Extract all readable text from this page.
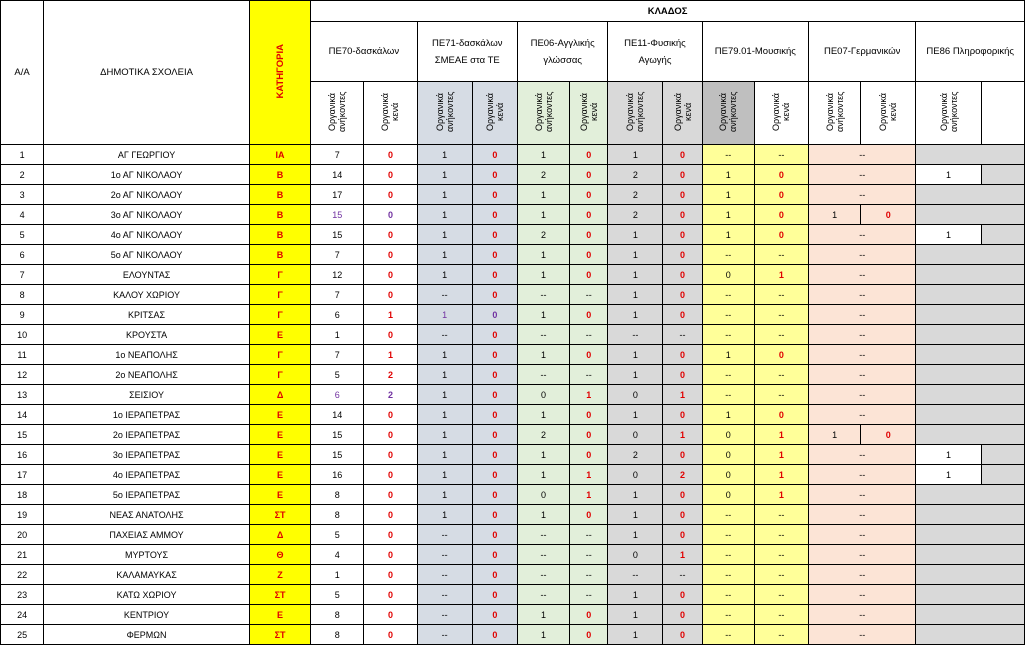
Α/Α	ΔΗΜΟΤΙΚΑ ΣΧΟΛΕΙΑ	ΚΑΤΗΓΟΡΙΑ	ΚΛΑΔΟΣ													
			ΠΕ70-δασκάλων		ΠΕ71-δασκάλων ΣΜΕΑΕ στα ΤΕ		ΠΕ06-Αγγλικής γλώσσας		ΠΕ11-Φυσικής Αγωγής		ΠΕ79.01-Μουσικής		ΠΕ07-Γερμανικών		ΠΕ86 Πληροφορικής	
			Οργανικά ανήκοντες	Οργανικά κενά	Οργανικά ανήκοντες	Οργανικά κενά	Οργανικά ανήκοντες	Οργανικά κενά	Οργανικά ανήκοντες	Οργανικά κενά	Οργανικά ανήκοντες	Οργανικά κενά	Οργανικά ανήκοντες	Οργανικά κενά	Οργανικά ανήκοντες	
1	ΑΓ ΓΕΩΡΓΙΟΥ	ΙΑ	7	0	1	0	1	0	1	0	--	--	--			
2	1ο ΑΓ ΝΙΚΟΛΑΟΥ	Β	14	0	1	0	2	0	2	0	1	0	--		1	
3	2ο ΑΓ ΝΙΚΟΛΑΟΥ	Β	17	0	1	0	1	0	2	0	1	0	--			
4	3ο ΑΓ ΝΙΚΟΛΑΟΥ	Β	15	0	1	0	1	0	2	0	1	0	1	0		
5	4ο ΑΓ ΝΙΚΟΛΑΟΥ	Β	15	0	1	0	2	0	1	0	1	0	--		1	
6	5ο ΑΓ ΝΙΚΟΛΑΟΥ	Β	7	0	1	0	1	0	1	0	--	--	--			
7	ΕΛΟΥΝΤΑΣ	Γ	12	0	1	0	1	0	1	0	0	1	--			
8	ΚΑΛΟΥ ΧΩΡΙΟΥ	Γ	7	0	--	0	--	--	1	0	--	--	--			
9	ΚΡΙΤΣΑΣ	Γ	6	1	1	0	1	0	1	0	--	--	--			
10	ΚΡΟΥΣΤΑ	Ε	1	0	--	0	--	--	--	--	--	--	--			
11	1ο ΝΕΑΠΟΛΗΣ	Γ	7	1	1	0	1	0	1	0	1	0	--			
12	2ο ΝΕΑΠΟΛΗΣ	Γ	5	2	1	0	--	--	1	0	--	--	--			
13	ΣΕΙΣΙΟΥ	Δ	6	2	1	0	0	1	0	1	--	--	--			
14	1ο ΙΕΡΑΠΕΤΡΑΣ	Ε	14	0	1	0	1	0	1	0	1	0	--			
15	2ο ΙΕΡΑΠΕΤΡΑΣ	Ε	15	0	1	0	2	0	0	1	0	1	1	0		
16	3ο ΙΕΡΑΠΕΤΡΑΣ	Ε	15	0	1	0	1	0	2	0	0	1	--		1	
17	4ο ΙΕΡΑΠΕΤΡΑΣ	Ε	16	0	1	0	1	1	0	2	0	1	--		1	
18	5ο ΙΕΡΑΠΕΤΡΑΣ	Ε	8	0	1	0	0	1	1	0	0	1	--			
19	ΝΕΑΣ ΑΝΑΤΟΛΗΣ	ΣΤ	8	0	1	0	1	0	1	0	--	--	--			
20	ΠΑΧΕΙΑΣ ΑΜΜΟΥ	Δ	5	0	--	0	--	--	1	0	--	--	--			
21	ΜΥΡΤΟΥΣ	Θ	4	0	--	0	--	--	0	1	--	--	--			
22	ΚΑΛΑΜΑΥΚΑΣ	Ζ	1	0	--	0	--	--	--	--	--	--	--			
23	ΚΑΤΩ ΧΩΡΙΟΥ	ΣΤ	5	0	--	0	--	--	1	0	--	--	--			
24	ΚΕΝΤΡΙΟΥ	Ε	8	0	--	0	1	0	1	0	--	--	--			
25	ΦΕΡΜΩΝ	ΣΤ	8	0	--	0	1	0	1	0	--	--	--			
